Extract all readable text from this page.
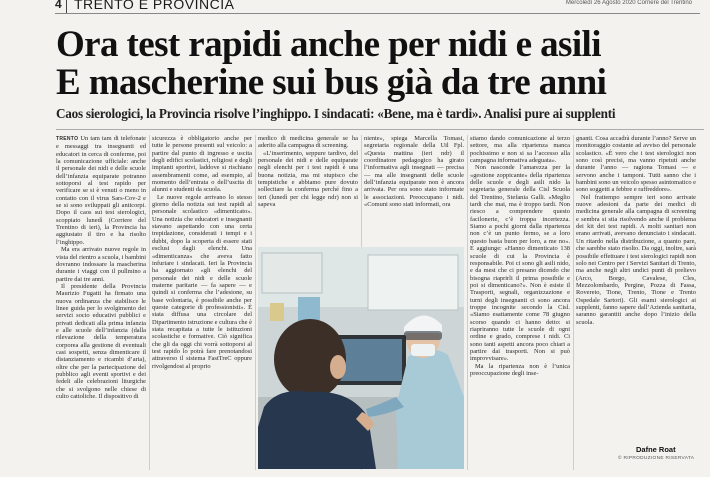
4 TRENTO E PROVINCIA	Mercoledì 26 Agosto 2020 Corriere del Trentino
Ora test rapidi anche per nidi e asili
E mascherine sui bus già da tre anni
Caos sierologici, la Provincia risolve l’inghippo. I sindacati: «Bene, ma è tardi». Analisi pure ai supplenti

TRENTO Un tam tam di telefonate e messaggi tra insegnanti ed educatori in cerca di conferme, poi la comunicazione ufficiale: anche il personale dei nidi e delle scuole dell’infanzia equiparate potranno sottoporsi al test rapido per verificare se si è venuti o meno in contatto con il virus Sars-Cov-2 e se si sono sviluppati gli anticorpi. Dopo il caos sui test sierologici, scoppiato lunedì (Corriere del Trentino di ieri), la Provincia ha aggiustato il tiro e ha risolto l’inghippo.

Ma era arrivato nuove regole in vista del rientro a scuola, i bambini dovranno indossare la mascherina durante i viaggi con il pullmino a partire dai tre anni.

Il presidente della Provincia Maurizio Fugatti ha firmato una nuova ordinanza che stabilisce le linee guida per lo svolgimento dei servizi socio educativi pubblici e privati dedicati alla prima infanzia e alle scuole dell’infanzia (dalla rilevazione della temperatura corporea alla gestione di eventuali casi sospetti, senza dimenticare il distanziamento e ricambi d’aria), oltre che per la partecipazione del pubblico agli eventi sportivi e dei fedeli alle celebrazioni liturgiche che si svolgono nelle chiese di culto cattoliche. Il dispositivo di

sicurezza è obbligatorio anche per tutte le persone presenti sul veicolo: a partire dal punto di ingresso e uscita degli edifici scolastici, religiosi e degli impianti sportivi, laddove si rischiano assembramenti come, ad esempio, al momento dell’entrata o dell’uscita di alunni e studenti da scuola.

Le nuove regole arrivano lo stesso giorno della notizia sui test rapidi al personale scolastico «dimenticato». Una notizia che educatori e insegnanti stavano aspettando con una certa trepidazione, considerati i tempi e i dubbi, dopo la scoperta di essere stati esclusi dagli elenchi. Una «dimenticanza» che aveva fatto infuriare i sindacati. Ieri la Provincia ha aggiornato «gli elenchi del personale dei nidi e delle scuole materne paritarie — fa sapere — e quindi si conferma che l’adesione, su base volontaria, è possibile anche per queste categorie di professionisti». È stata diffusa una circolare del Dipartimento istruzione e cultura che è stata recapitata a tutte le istituzioni scolastiche e formative. Ciò significa che gli da oggi chi vorrà sottoporsi al test rapido lo potrà fare prenotandosi attraverso il sistema FastTreC oppure rivolgendosi al proprio

medico di medicina generale se ha aderito alla campagna di screening.

«L’inserimento, seppure tardivo, del personale dei nidi e delle equiparate negli elenchi per i test rapidi è una buona notizia, ma mi stupisco che tempistiche e abbiamo pure dovuto sollecitare la conferma perché fino a ieri (lunedì per chi legge ndr) non si sapeva

niente», spiega Marcella Tomasi, segretaria regionale della Uil Fpl. «Questa mattina (ieri ndr) il coordinatore pedagogico ha girato l’informativa agli insegnati — precisa — ma alle insegnanti delle scuole dell’infanzia equiparate non è ancora arrivata. Per ora sono stato informate le associazioni. Preoccupano i nidi. «Comuni sono stati informati, ora

stiamo dando comunicazione al terzo settore, ma alla ripartenza manca pochissimo e non si sa l’accesso alla campagna informativa adeguata».

Non nasconde l’amarezza per la «gestione zoppicante» della ripartenza delle scuole e degli asili nido la segretaria generale della Cisl Scuola del Trentino, Stefania Galli. «Meglio tardi che mai, ma è troppo tardi. Non riesco a comprendere questo facilonerie, c’è troppa incertezza. Siamo a pochi giorni dalla ripartenza non c’è un punto fermo, se a loro questo basta buon per loro, a me no». E aggiunge: «Hanno dimenticato 138 scuole di cui la Provincia è responsabile. Poi ci sono gli asili nido, e da mesi che ci presano dicendo che bisogna riaprirli il prima possibile e poi si dimenticano?». Non è esiste il Trasporti, segnali, organizzazione e turni degli insegnanti ci sono ancora troppe incognite secondo la Cisl. «Siamo esattamente come 78 giugno scorso quando ci hanno detto: si riapriranno tutte le scuole di ogni ordine e grado, comprese i nidi. Ci sono tanti aspetti ancora poco chiari a partire dai trasporti. Non si può improvvisare».

Ma la ripartenza non è l’unica preoccupazione degli inse-

gnanti. Cosa accadrà durante l’anno? Serve un monitoraggio costante ad avviso del personale scolastico. «È vero che i test sierologici non sono così precisi, ma vanno ripetuti anche durante l’anno — ragiona Tomasi — e servono anche i tamponi. Tutti sanno che i bambini sono un veicolo spesso asintomatico e sono soggetti a febbre e raffreddore».

Nel frattempo sempre ieri sono arrivate nuove adesioni da parte dei medici di medicina generale alla campagna di screening e sembra si stia risolvendo anche il problema dei kit dei test rapidi. A molti sanitari non erano arrivati, avevano denunciato i sindacati. Un ritardo nella distribuzione, a quanto pare, che sarebbe stato risolto. Da oggi, inoltre, sarà possibile effettuare i test sierologici rapidi non solo nei Centro per i Servizi Sanitari di Trento, ma anche negli altri undici punti di prelievo (Arco, Borgo, Cavalese, Cles, Mezzolombardo, Pergine, Pozza di Fassa, Rovereto, Tione, Trento, Tione e Trento Ospedale Sartori). Gli esami sierologici ai supplenti, fanno sapere dall’Azienda sanitaria, saranno garantiti anche dopo l’inizio della scuola.

Dafne Roat
© RIPRODUZIONE RISERVATA
